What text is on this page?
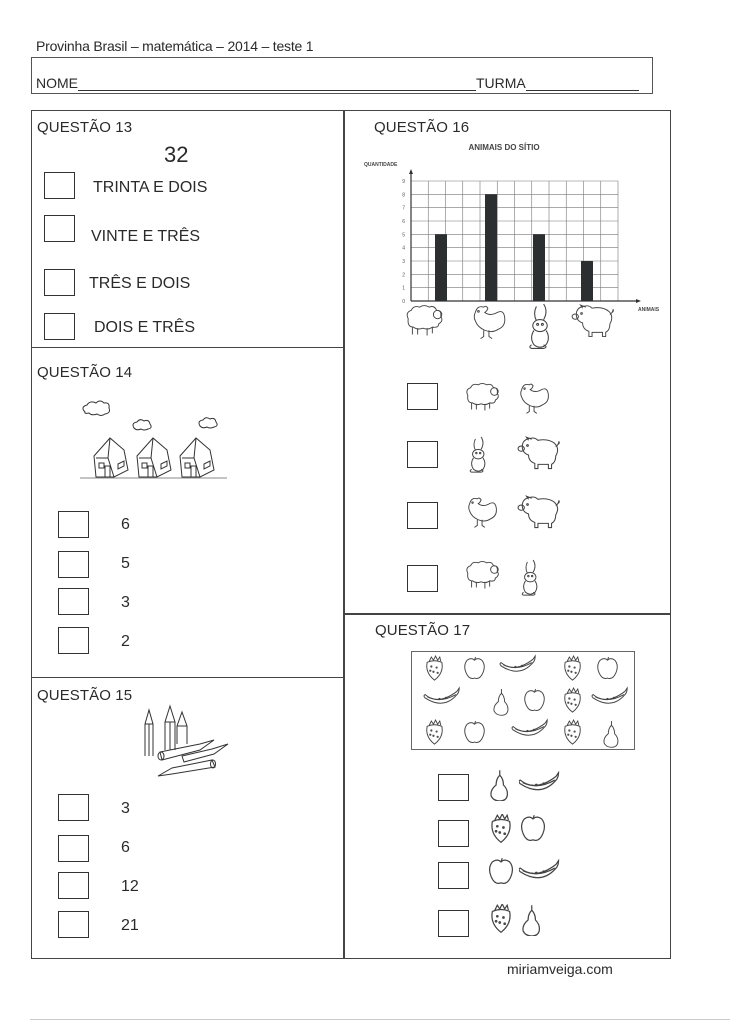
Provinha Brasil – matemática – 2014 – teste 1
NOME	TURMA
QUESTÃO 13
32
TRINTA E DOIS
VINTE E TRÊS
TRÊS E DOIS
DOIS E TRÊS
QUESTÃO 14
6
5
3
2
QUESTÃO 15
3
6
12
21
QUESTÃO 16
ANIMAIS DO SÍTIO
QUANTIDADE
0
1
2
3
4
5
6
7
8
9
ANIMAIS
QUESTÃO 17
miriamveiga.com
